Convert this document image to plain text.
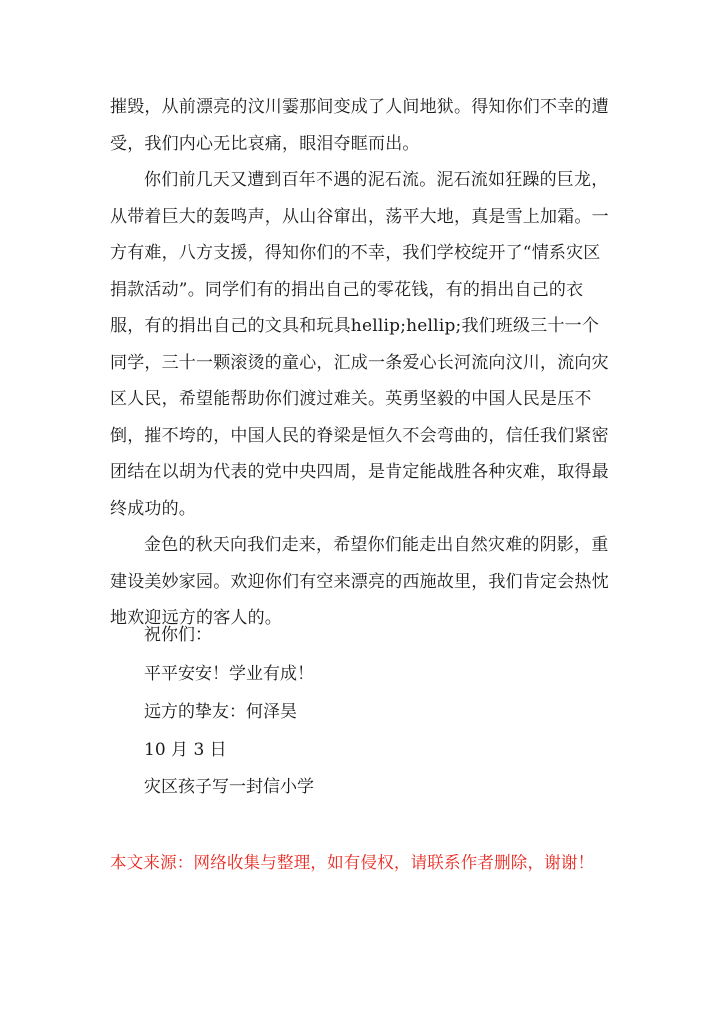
摧毁，从前漂亮的汶川霎那间变成了人间地狱。得知你们不幸的遭受，我们内心无比哀痛，眼泪夺眶而出。

你们前几天又遭到百年不遇的泥石流。泥石流如狂躁的巨龙，从带着巨大的轰鸣声，从山谷窜出，荡平大地，真是雪上加霜。一方有难，八方支援，得知你们的不幸，我们学校绽开了“情系灾区捐款活动”。同学们有的捐出自己的零花钱，有的捐出自己的衣服，有的捐出自己的文具和玩具hellip;hellip;我们班级三十一个同学，三十一颗滚烫的童心，汇成一条爱心长河流向汶川，流向灾区人民，希望能帮助你们渡过难关。英勇坚毅的中国人民是压不倒，摧不垮的，中国人民的脊梁是恒久不会弯曲的，信任我们紧密团结在以胡为代表的党中央四周，是肯定能战胜各种灾难，取得最终成功的。

金色的秋天向我们走来，希望你们能走出自然灾难的阴影，重建设美妙家园。欢迎你们有空来漂亮的西施故里，我们肯定会热忱地欢迎远方的客人的。

祝你们：

平平安安！学业有成！

远方的挚友：何泽昊

10 月 3 日

灾区孩子写一封信小学

本文来源：网络收集与整理，如有侵权，请联系作者删除，谢谢！
